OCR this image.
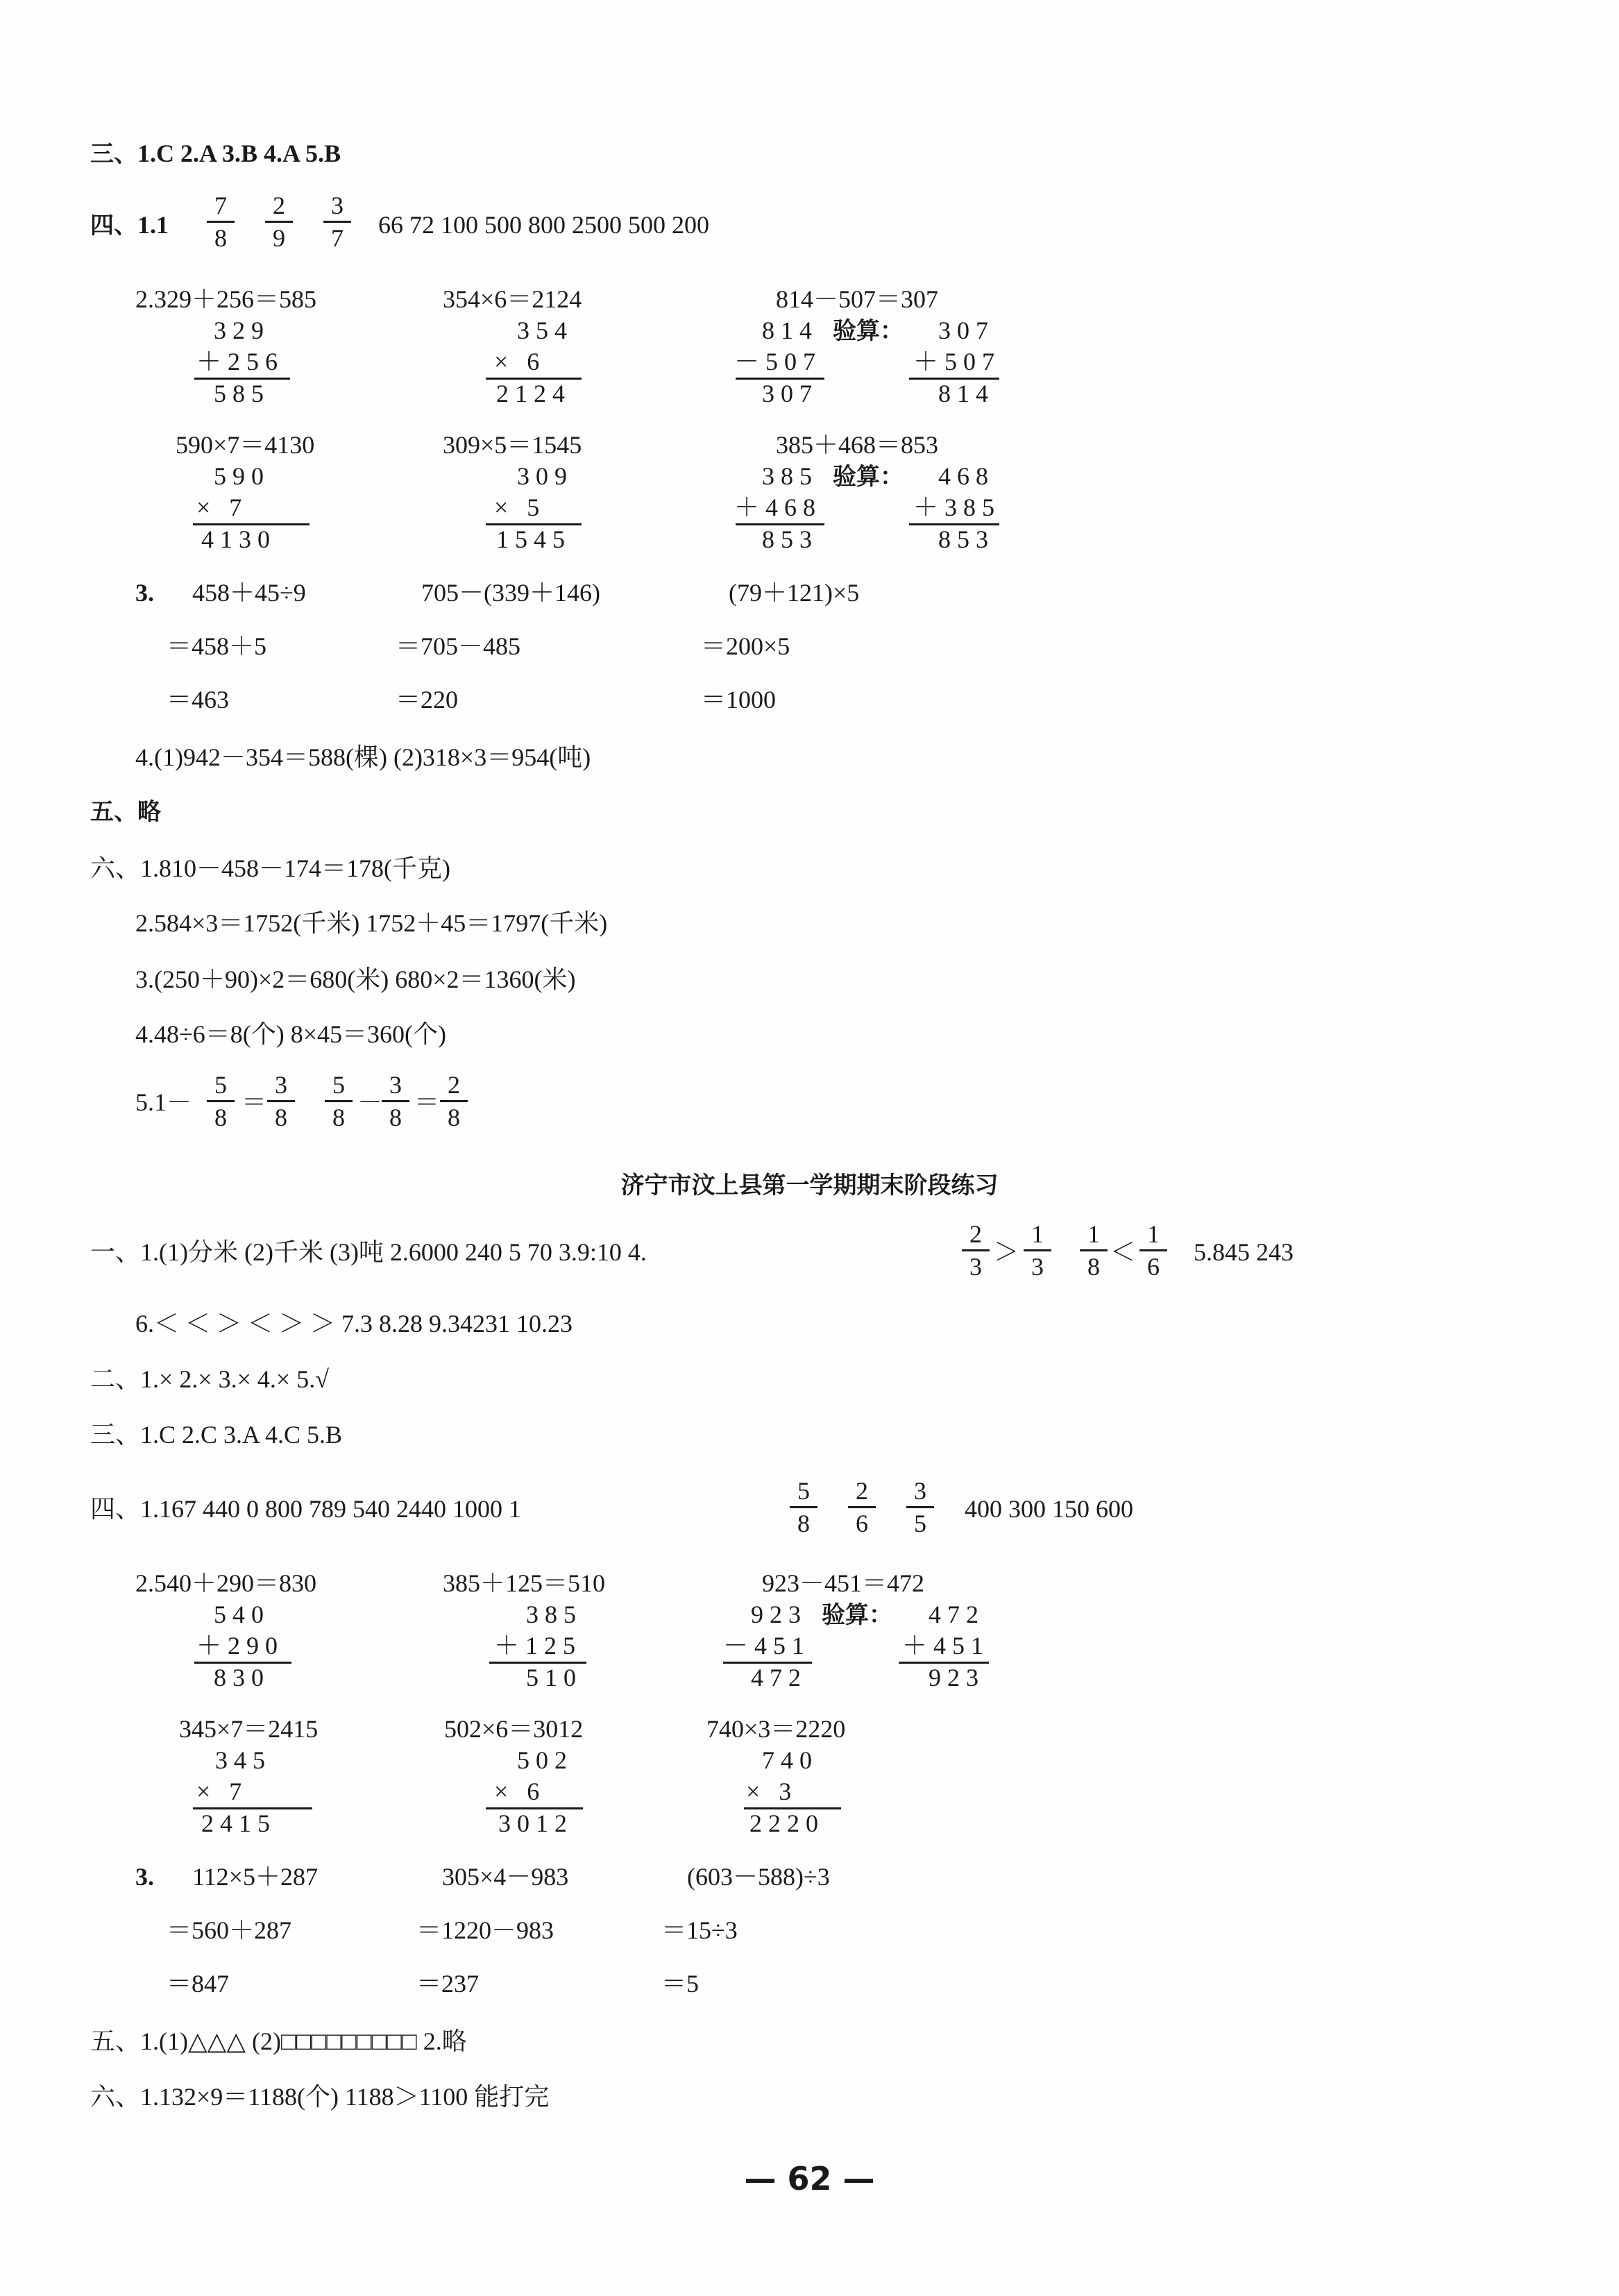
三、1.C 2.A 3.B 4.A 5.B
四、$1.1 \frac{7}{8} \frac{2}{9} \frac{3}{7} 66$ 72 100 500 800 2500 500 200
2.329＋256＝585
329
＋256
585
354×6＝2124
354
× 6
2124
814－507＝307
814 验算：
－507
307
307
＋507
814
590×7＝4130
590
× 7
4130
309×5＝1545
309
× 5
1545
385＋468＝853
385 验算：
＋468
853
468
＋385
853
3. 458＋45÷9
＝458＋5
＝463
705－(339＋146)
＝705－485
＝220
(79＋121)×5
＝200×5
＝1000
4.(1)942－354＝588(棵) (2)318×3＝954(吨)
五、略
六、1.810－458－174＝178(千克)
2.584×3＝1752(千米) 1752＋45＝1797(千米)
3.(250＋90)×2＝680(米) 680×2＝1360(米)
4.48÷6＝8(个) 8×45＝360(个)
$5.1- \frac{5}{8} = \frac{3}{8} \frac{5}{8}$ －
$\frac{3}{8} = \frac{2}{8}$
济宁市汶上县第一学期期末阶段练习
一、1.(1)分米 (2)千米 (3)吨 2.6000 240 5 70 3.9:10 4.	$\frac{2}{3} > \frac{1}{3} \frac{1}{8} < \frac{1}{6} 5.845$ 243
6.＜ ＜ ＞ ＜ ＞ ＞ 7.3 8.28 9.34231 10.23
二、1.× 2.× 3.× 4.× 5.√
三、1.C 2.C 3.A 4.C 5.B
四、1.167 440 0 800 789 540 2440 1000 1	$\frac{5}{8} \frac{2}{6} \frac{3}{5} 400$ 300 150 600
2.540＋290＝830
540
＋290
830
385＋125＝510
385
＋125
510
923－451＝472
923 验算：
－451
472
472
＋451
923
345×7＝2415
345
× 7
2415
502×6＝3012
502
× 6
3012
740×3＝2220
740
× 3
2220
3. 112×5＋287
＝560＋287
＝847
305×4－983
＝1220－983
＝237
(603－588)÷3
＝15÷3
＝5
五、1.(1)△△△ (2)□□□□□□□□□ 2.略
六、1.132×9＝1188(个) 1188＞1100 能打完
— 62 —
